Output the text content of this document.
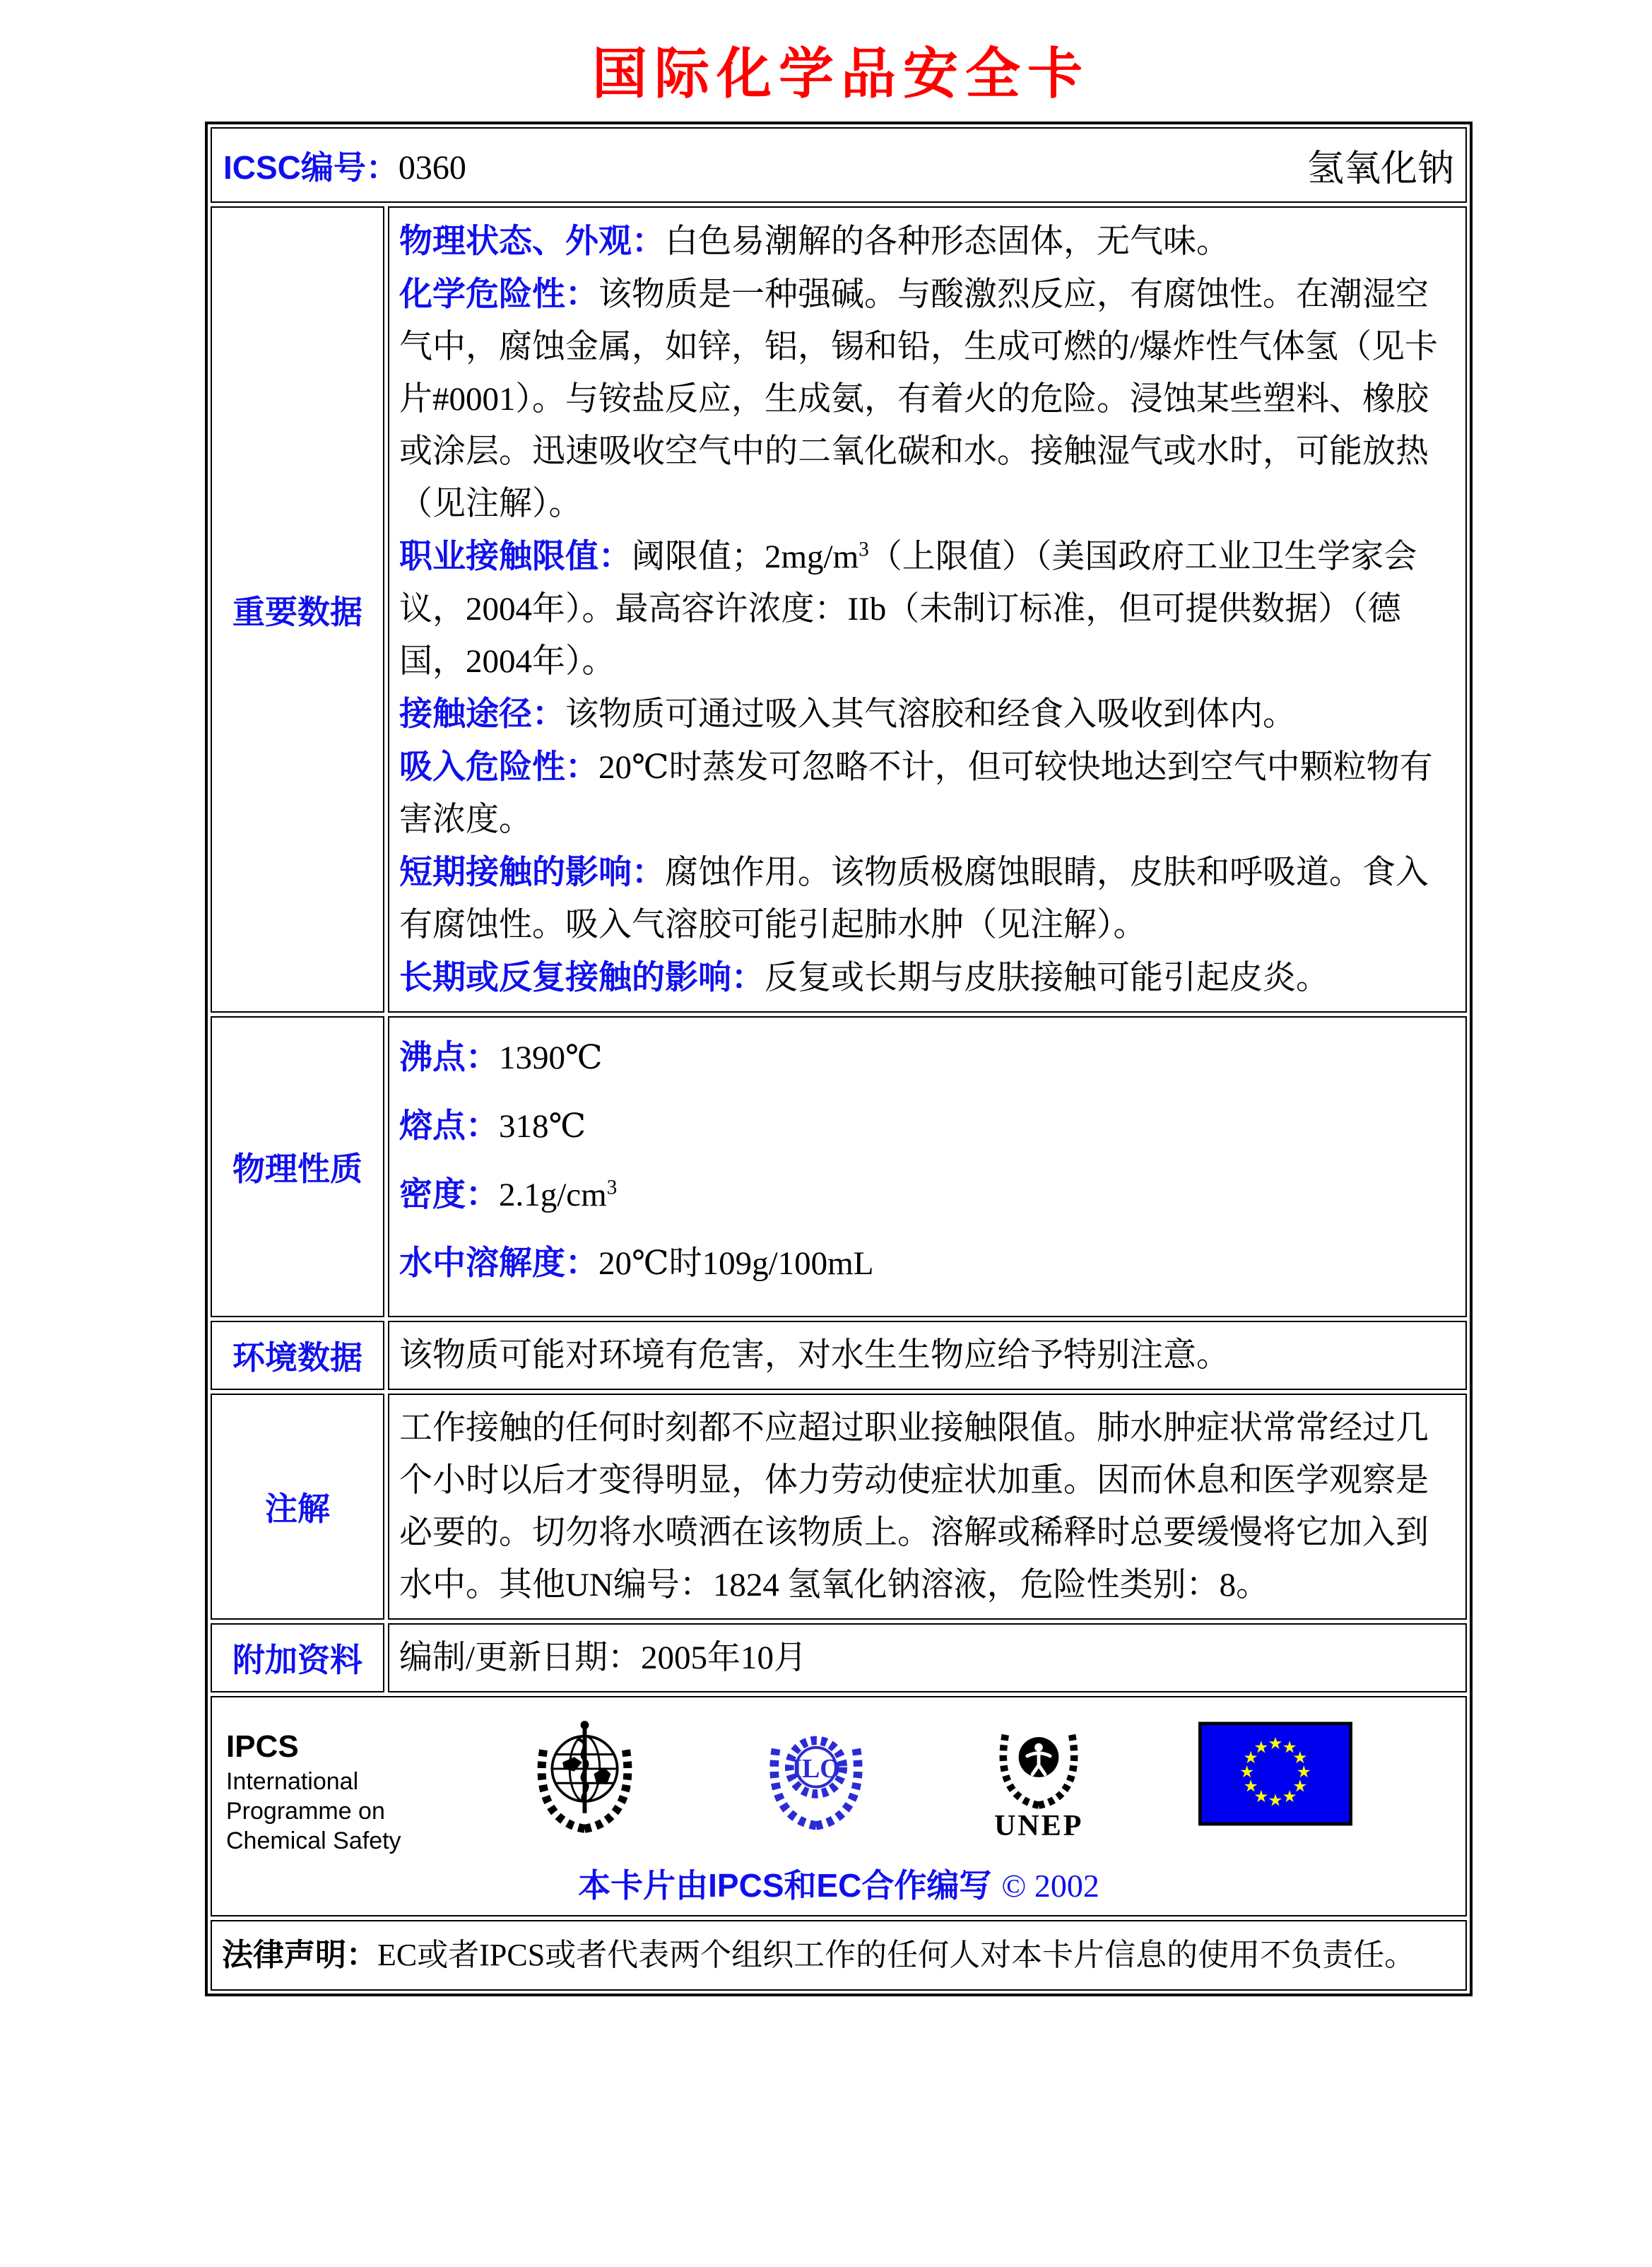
国际化学品安全卡
ICSC编号：0360	氢氧化钠
重要数据

物理状态、外观：白色易潮解的各种形态固体，无气味。

化学危险性：该物质是一种强碱。与酸激烈反应，有腐蚀性。在潮湿空气中，腐蚀金属，如锌，铝，锡和铅，生成可燃的/爆炸性气体氢（见卡片#0001）。与铵盐反应，生成氨，有着火的危险。浸蚀某些塑料、橡胶或涂层。迅速吸收空气中的二氧化碳和水。接触湿气或水时，可能放热（见注解）。

职业接触限值：阈限值；$2mg/m^3$（上限值）（美国政府工业卫生学家会议，2004年）。最高容许浓度：IIb（未制订标准，但可提供数据）（德国，2004年）。

接触途径：该物质可通过吸入其气溶胶和经食入吸收到体内。

吸入危险性：20℃时蒸发可忽略不计，但可较快地达到空气中颗粒物有害浓度。

短期接触的影响：腐蚀作用。该物质极腐蚀眼睛，皮肤和呼吸道。食入有腐蚀性。吸入气溶胶可能引起肺水肿（见注解）。

长期或反复接触的影响：反复或长期与皮肤接触可能引起皮炎。

物理性质

沸点：1390℃

熔点：318℃

密度：$2.1g/cm^3$

水中溶解度：20℃时109g/100mL

环境数据 该物质可能对环境有危害，对水生生物应给予特别注意。

注解

工作接触的任何时刻都不应超过职业接触限值。肺水肿症状常常经过几个小时以后才变得明显，体力劳动使症状加重。因而休息和医学观察是必要的。切勿将水喷洒在该物质上。溶解或稀释时总要缓慢将它加入到水中。其他UN编号：1824 氢氧化钠溶液，危险性类别：8。

附加资料 编制/更新日期：2005年10月

IPCS
International
Programme on
Chemical Safety
ILO
UNEP
本卡片由IPCS和EC合作编写 © 2002
法律声明：EC或者IPCS或者代表两个组织工作的任何人对本卡片信息的使用不负责任。
